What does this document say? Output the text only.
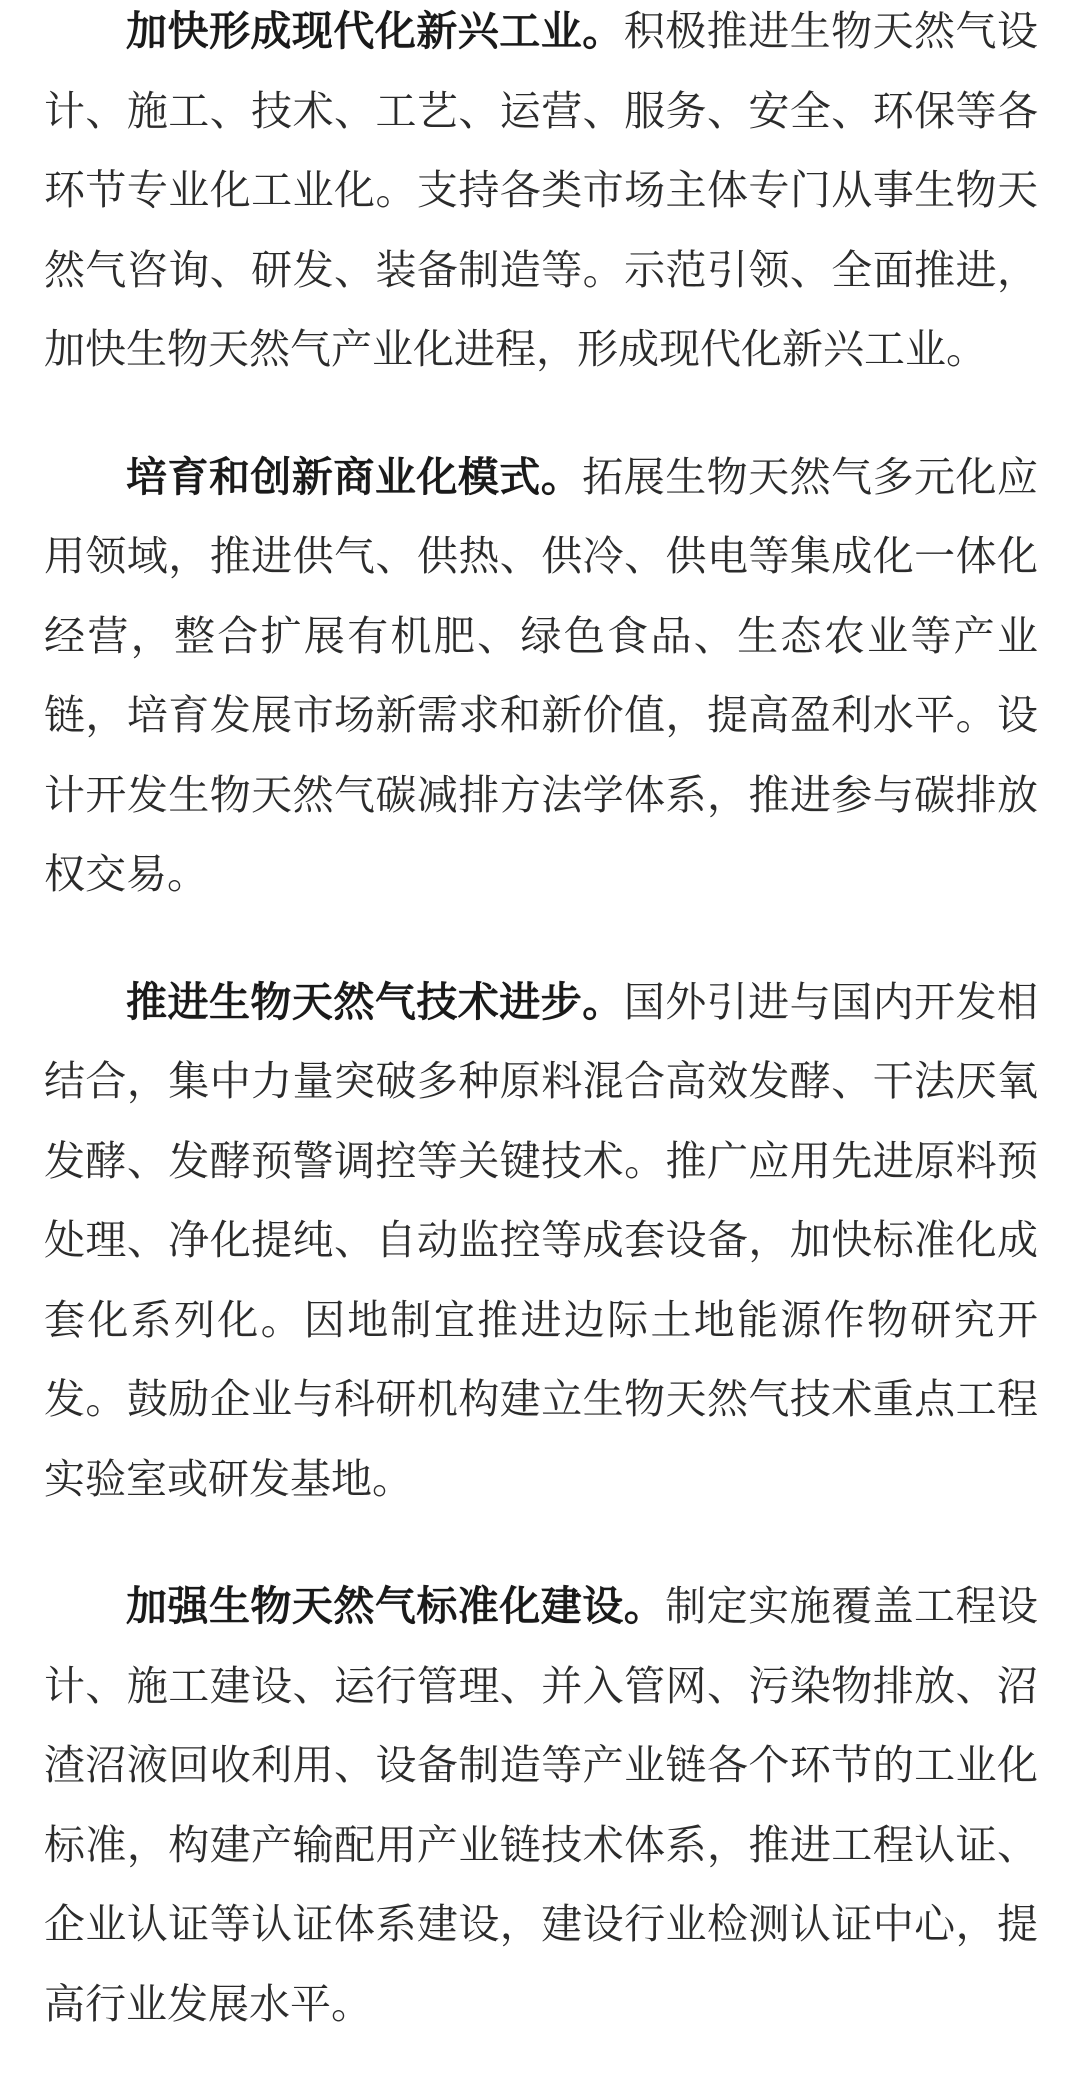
加快形成现代化新兴工业。积极推进生物天然气设计、施工、技术、工艺、运营、服务、安全、环保等各环节专业化工业化。支持各类市场主体专门从事生物天然气咨询、研发、装备制造等。示范引领、全面推进，加快生物天然气产业化进程，形成现代化新兴工业。

培育和创新商业化模式。拓展生物天然气多元化应用领域，推进供气、供热、供冷、供电等集成化一体化经营，整合扩展有机肥、绿色食品、生态农业等产业链，培育发展市场新需求和新价值，提高盈利水平。设计开发生物天然气碳减排方法学体系，推进参与碳排放权交易。

推进生物天然气技术进步。国外引进与国内开发相结合，集中力量突破多种原料混合高效发酵、干法厌氧发酵、发酵预警调控等关键技术。推广应用先进原料预处理、净化提纯、自动监控等成套设备，加快标准化成套化系列化。因地制宜推进边际土地能源作物研究开发。鼓励企业与科研机构建立生物天然气技术重点工程实验室或研发基地。

加强生物天然气标准化建设。制定实施覆盖工程设计、施工建设、运行管理、并入管网、污染物排放、沼渣沼液回收利用、设备制造等产业链各个环节的工业化标准，构建产输配用产业链技术体系，推进工程认证、企业认证等认证体系建设，建设行业检测认证中心，提高行业发展水平。
